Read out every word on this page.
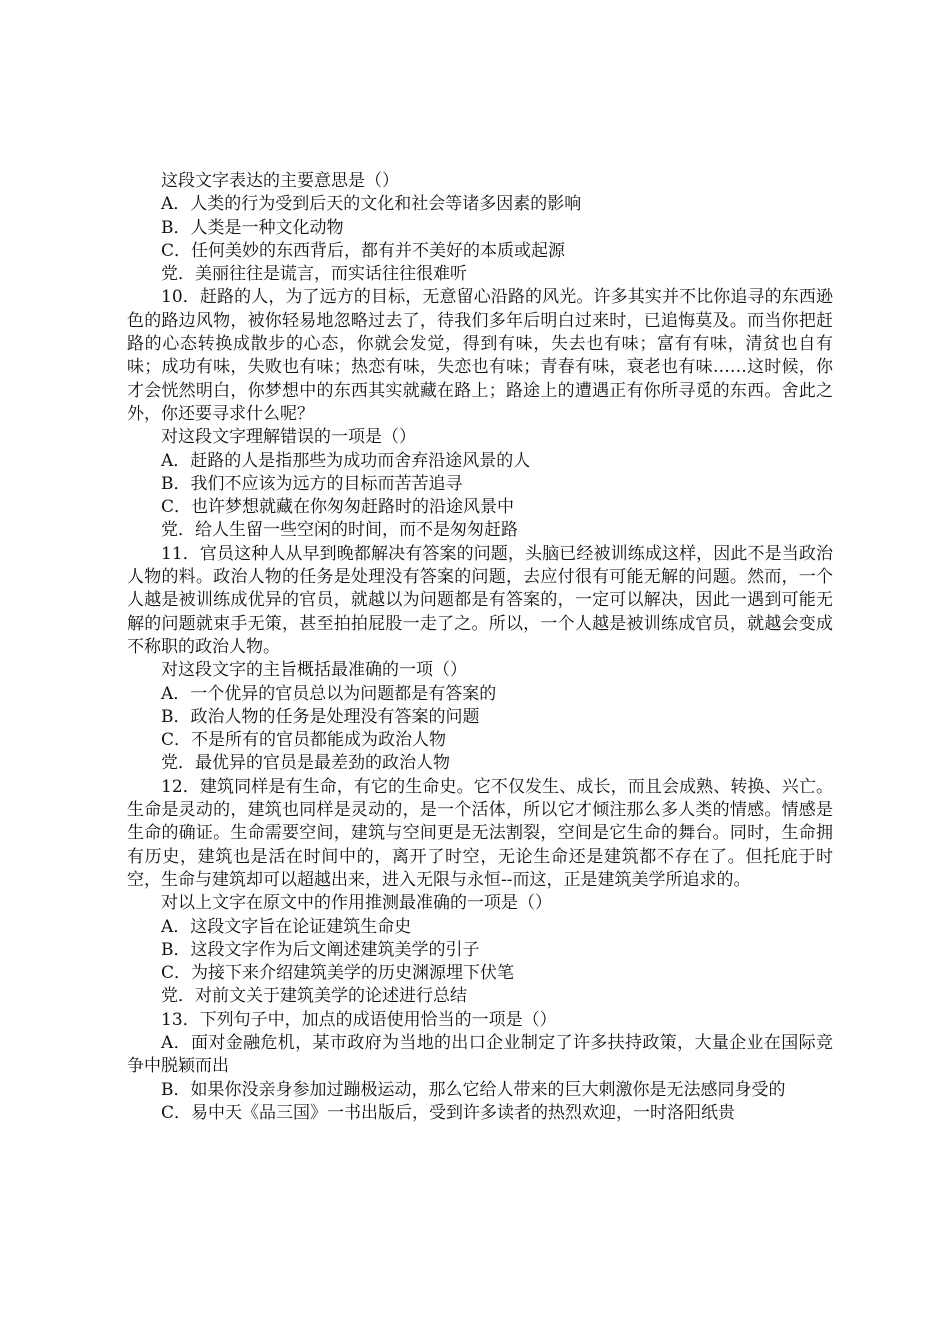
这段文字表达的主要意思是（）

A．人类的行为受到后天的文化和社会等诸多因素的影响

B．人类是一种文化动物

C．任何美妙的东西背后，都有并不美好的本质或起源

党．美丽往往是谎言，而实话往往很难听

10．赶路的人，为了远方的目标，无意留心沿路的风光。许多其实并不比你追寻的东西逊色的路边风物，被你轻易地忽略过去了，待我们多年后明白过来时，已追悔莫及。而当你把赶路的心态转换成散步的心态，你就会发觉，得到有味，失去也有味；富有有味，清贫也自有味；成功有味，失败也有味；热恋有味，失恋也有味；青春有味，衰老也有味……这时候，你才会恍然明白，你梦想中的东西其实就藏在路上；路途上的遭遇正有你所寻觅的东西。舍此之外，你还要寻求什么呢？

对这段文字理解错误的一项是（）

A．赶路的人是指那些为成功而舍弃沿途风景的人

B．我们不应该为远方的目标而苦苦追寻

C．也许梦想就藏在你匆匆赶路时的沿途风景中

党．给人生留一些空闲的时间，而不是匆匆赶路

11．官员这种人从早到晚都解决有答案的问题，头脑已经被训练成这样，因此不是当政治人物的料。政治人物的任务是处理没有答案的问题，去应付很有可能无解的问题。然而，一个人越是被训练成优异的官员，就越以为问题都是有答案的，一定可以解决，因此一遇到可能无解的问题就束手无策，甚至拍拍屁股一走了之。所以，一个人越是被训练成官员，就越会变成不称职的政治人物。

对这段文字的主旨概括最准确的一项（）

A．一个优异的官员总以为问题都是有答案的

B．政治人物的任务是处理没有答案的问题

C．不是所有的官员都能成为政治人物

党．最优异的官员是最差劲的政治人物

12．建筑同样是有生命，有它的生命史。它不仅发生、成长，而且会成熟、转换、兴亡。生命是灵动的，建筑也同样是灵动的，是一个活体，所以它才倾注那么多人类的情感。情感是生命的确证。生命需要空间，建筑与空间更是无法割裂，空间是它生命的舞台。同时，生命拥有历史，建筑也是活在时间中的，离开了时空，无论生命还是建筑都不存在了。但托庇于时空，生命与建筑却可以超越出来，进入无限与永恒--而这，正是建筑美学所追求的。

对以上文字在原文中的作用推测最准确的一项是（）

A．这段文字旨在论证建筑生命史

B．这段文字作为后文阐述建筑美学的引子

C．为接下来介绍建筑美学的历史渊源埋下伏笔

党．对前文关于建筑美学的论述进行总结

13．下列句子中，加点的成语使用恰当的一项是（）

A．面对金融危机，某市政府为当地的出口企业制定了许多扶持政策，大量企业在国际竞争中脱颖而出

B．如果你没亲身参加过蹦极运动，那么它给人带来的巨大刺激你是无法感同身受的

C．易中天《品三国》一书出版后，受到许多读者的热烈欢迎，一时洛阳纸贵
